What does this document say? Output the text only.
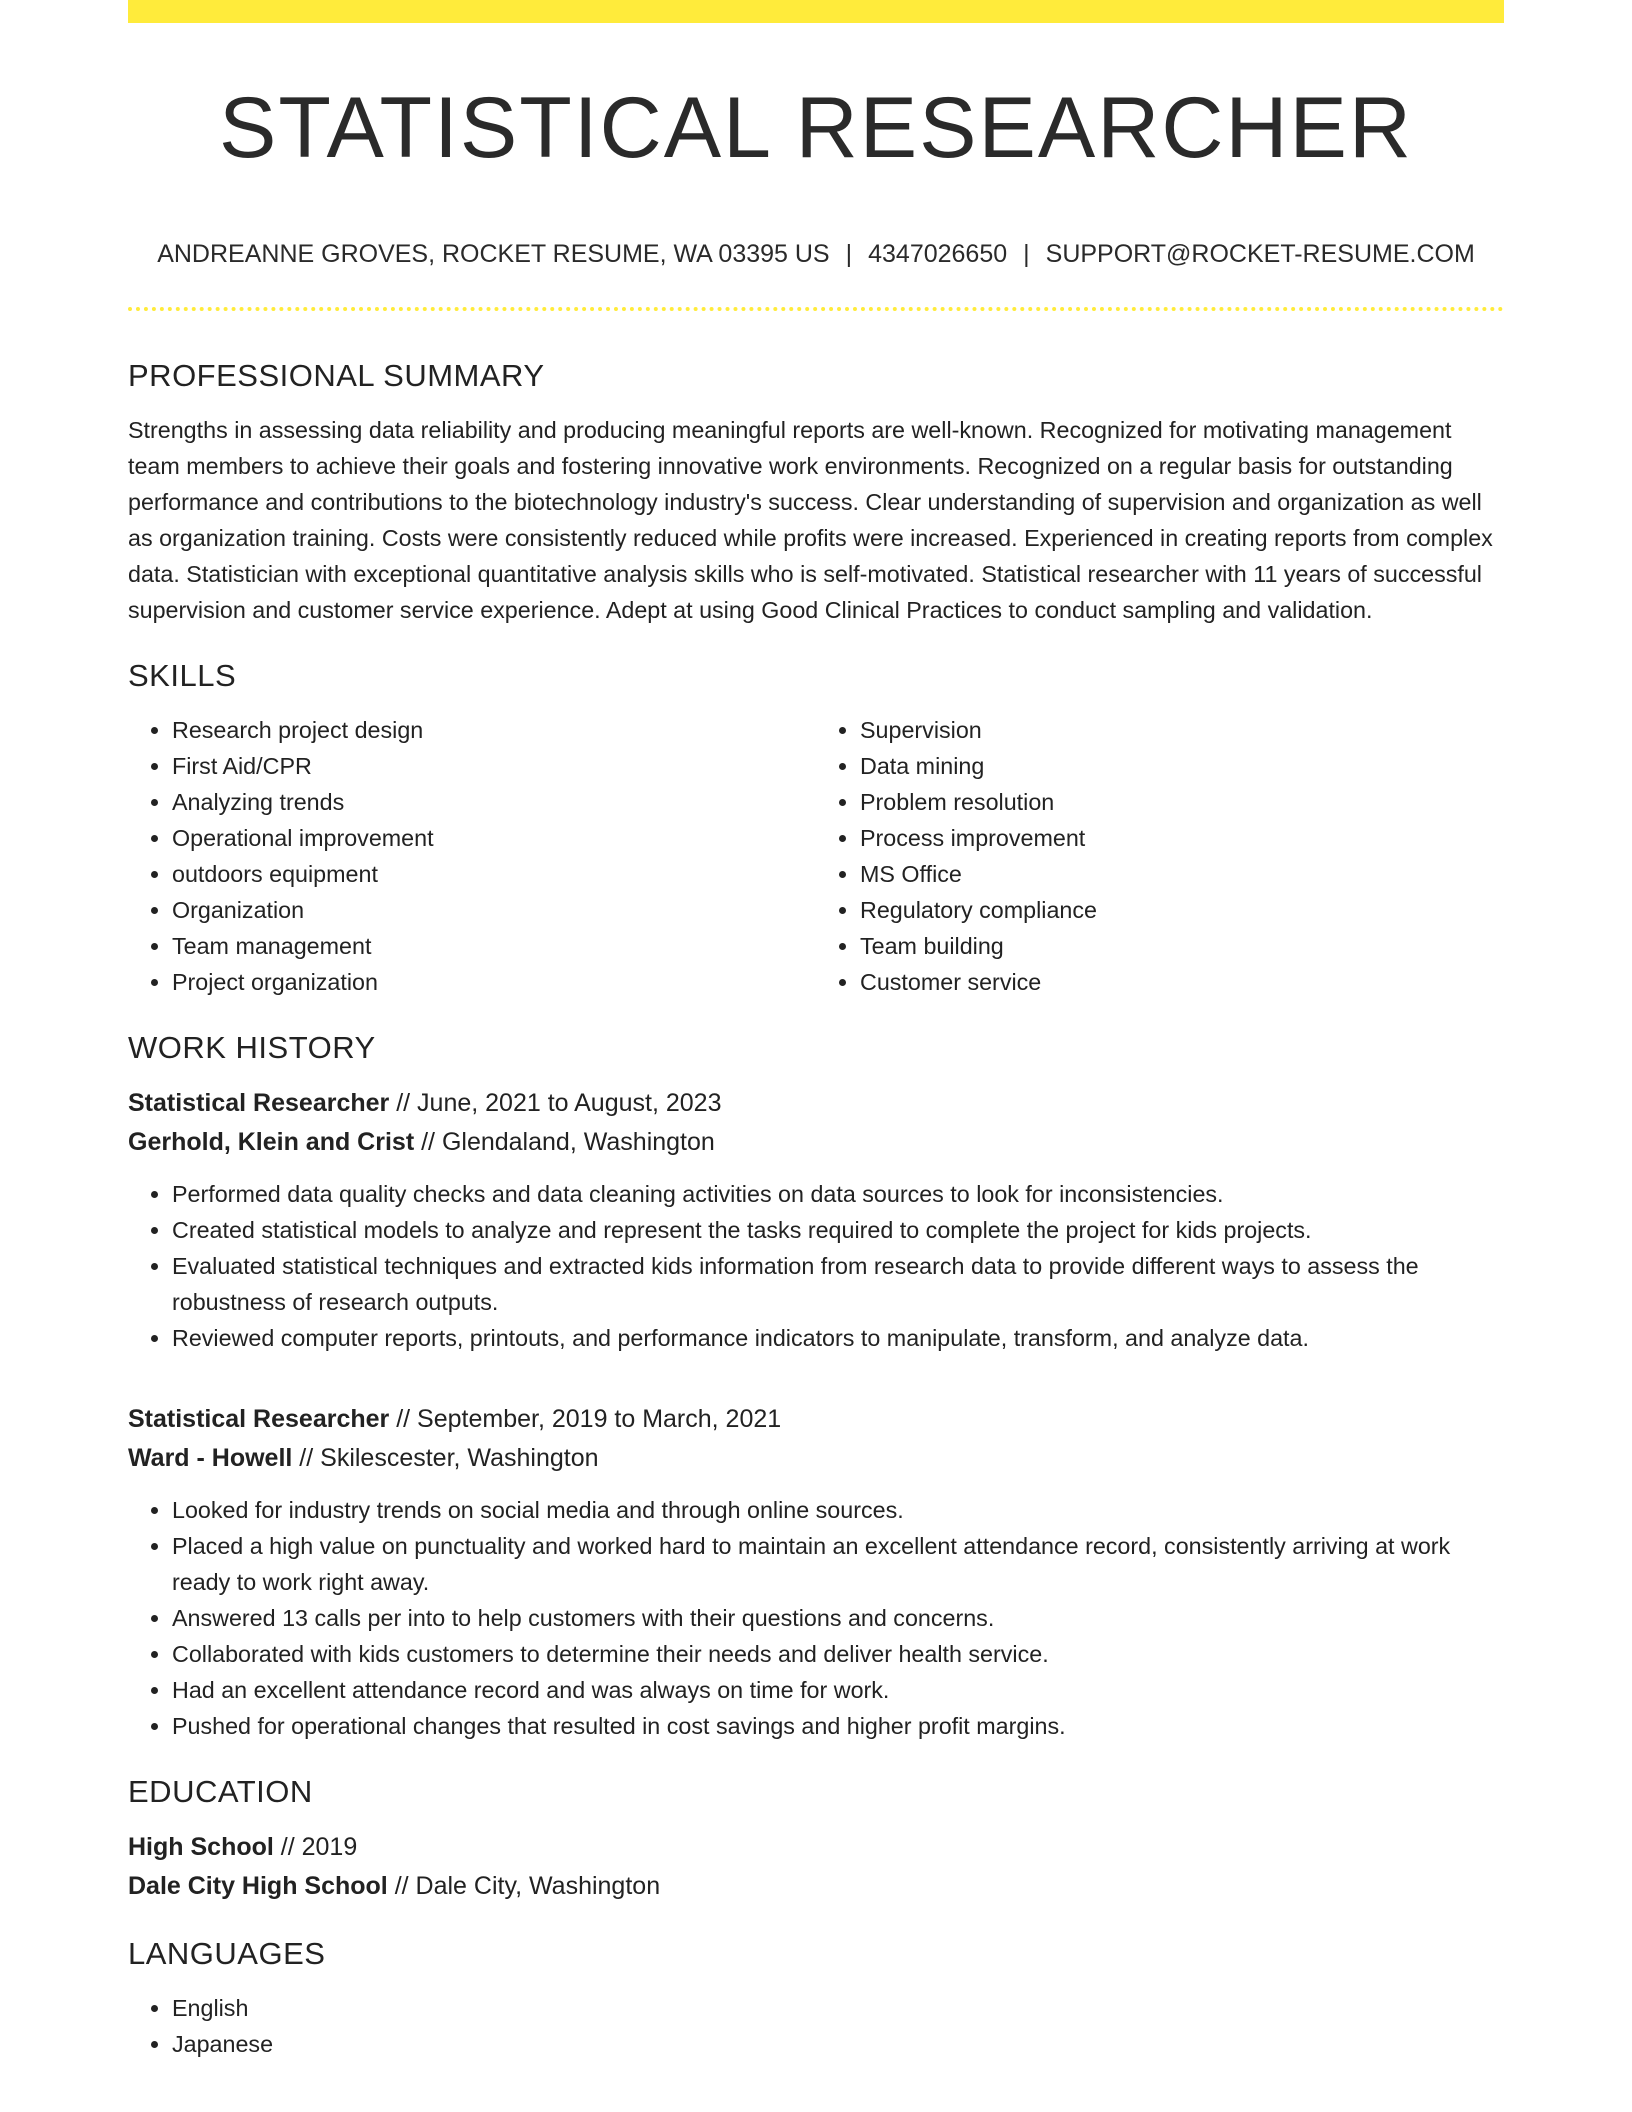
STATISTICAL RESEARCHER
ANDREANNE GROVES, ROCKET RESUME, WA 03395 US | 4347026650 | SUPPORT@ROCKET-RESUME.COM
PROFESSIONAL SUMMARY

Strengths in assessing data reliability and producing meaningful reports are well-known. Recognized for motivating management team members to achieve their goals and fostering innovative work environments. Recognized on a regular basis for outstanding performance and contributions to the biotechnology industry's success. Clear understanding of supervision and organization as well as organization training. Costs were consistently reduced while profits were increased. Experienced in creating reports from complex data. Statistician with exceptional quantitative analysis skills who is self-motivated. Statistical researcher with 11 years of successful supervision and customer service experience. Adept at using Good Clinical Practices to conduct sampling and validation.

SKILLS
• Research project design
• First Aid/CPR
• Analyzing trends
• Operational improvement
• outdoors equipment
• Organization
• Team management
• Project organization
• Supervision
• Data mining
• Problem resolution
• Process improvement
• MS Office
• Regulatory compliance
• Team building
• Customer service
WORK HISTORY
Statistical Researcher // June, 2021 to August, 2023
Gerhold, Klein and Crist // Glendaland, Washington
• Performed data quality checks and data cleaning activities on data sources to look for inconsistencies.
• Created statistical models to analyze and represent the tasks required to complete the project for kids projects.
• Evaluated statistical techniques and extracted kids information from research data to provide different ways to assess the robustness of research outputs.
• Reviewed computer reports, printouts, and performance indicators to manipulate, transform, and analyze data.
Statistical Researcher // September, 2019 to March, 2021
Ward - Howell // Skilescester, Washington
• Looked for industry trends on social media and through online sources.
• Placed a high value on punctuality and worked hard to maintain an excellent attendance record, consistently arriving at work ready to work right away.
• Answered 13 calls per into to help customers with their questions and concerns.
• Collaborated with kids customers to determine their needs and deliver health service.
• Had an excellent attendance record and was always on time for work.
• Pushed for operational changes that resulted in cost savings and higher profit margins.
EDUCATION
High School // 2019
Dale City High School // Dale City, Washington
LANGUAGES
• English
• Japanese
